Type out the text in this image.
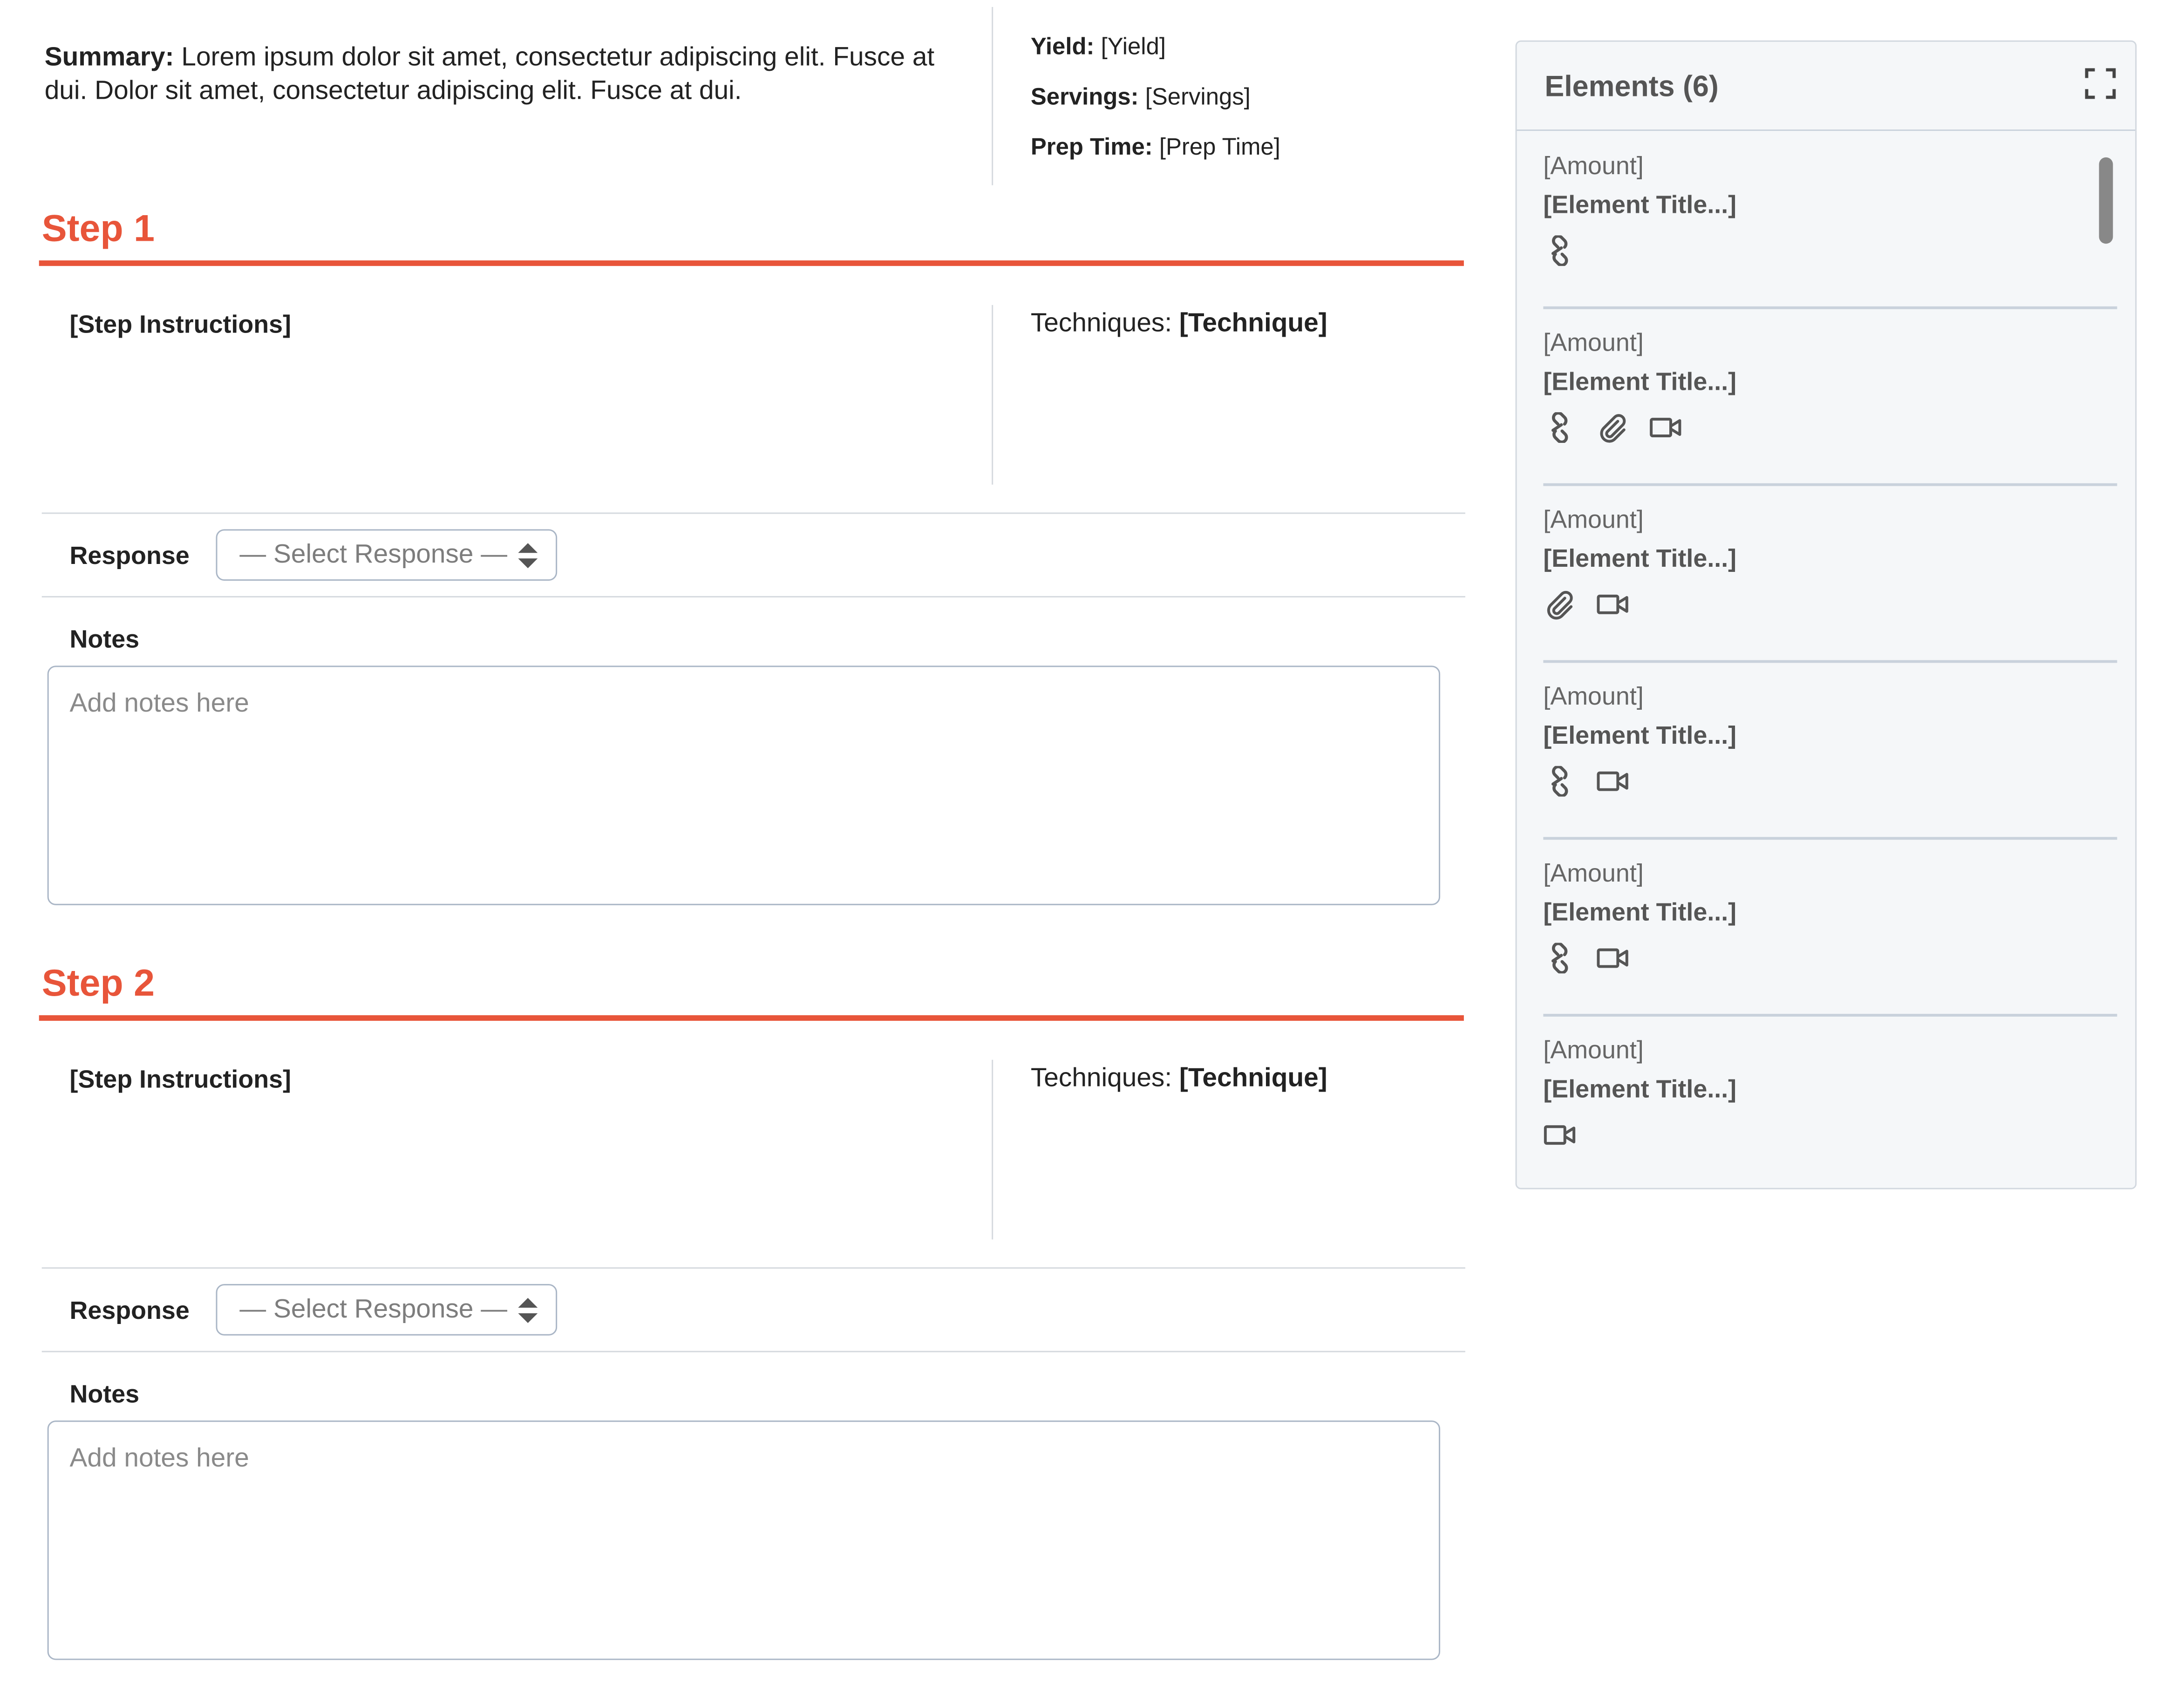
Summary: Lorem ipsum dolor sit amet, consectetur adipiscing elit. Fusce at dui. Dolor sit amet, consectetur adipiscing elit. Fusce at dui.
Yield: [Yield]
Servings: [Servings]
Prep Time: [Prep Time]
Step 1
[Step Instructions]	Techniques: [Technique]
Response	— Select Response —
Notes
Add notes here
Step 2
[Step Instructions]	Techniques: [Technique]
Response	— Select Response —
Notes
Add notes here
Elements (6)
[Amount]
[Element Title...]
[Amount]
[Element Title...]
[Amount]
[Element Title...]
[Amount]
[Element Title...]
[Amount]
[Element Title...]
[Amount]
[Element Title...]
